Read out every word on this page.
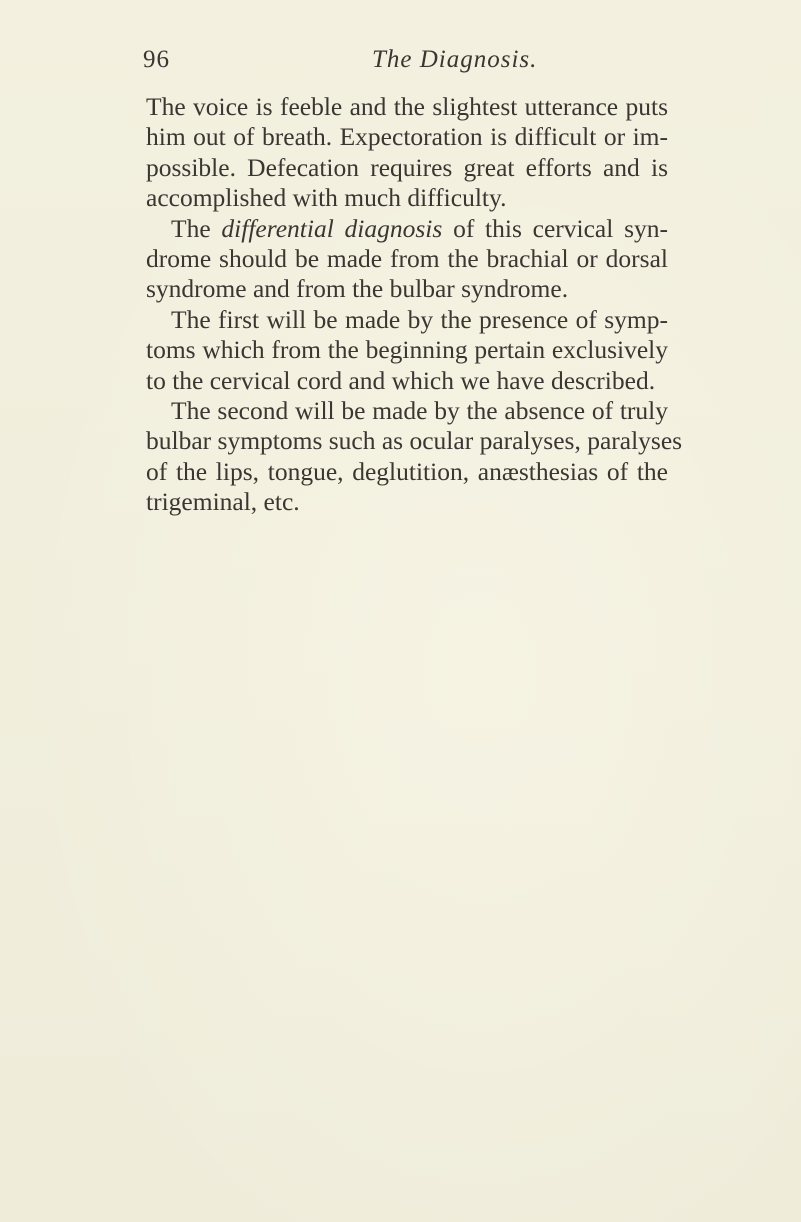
96	The Diagnosis.
The voice is feeble and the slightest utterance puts
him out of breath. Expectoration is difficult or im-
possible. Defecation requires great efforts and is
accomplished with much difficulty.
The differential diagnosis of this cervical syn-
drome should be made from the brachial or dorsal
syndrome and from the bulbar syndrome.
The first will be made by the presence of symp-
toms which from the beginning pertain exclusively
to the cervical cord and which we have described.
The second will be made by the absence of truly
bulbar symptoms such as ocular paralyses, paralyses
of the lips, tongue, deglutition, anæsthesias of the
trigeminal, etc.
